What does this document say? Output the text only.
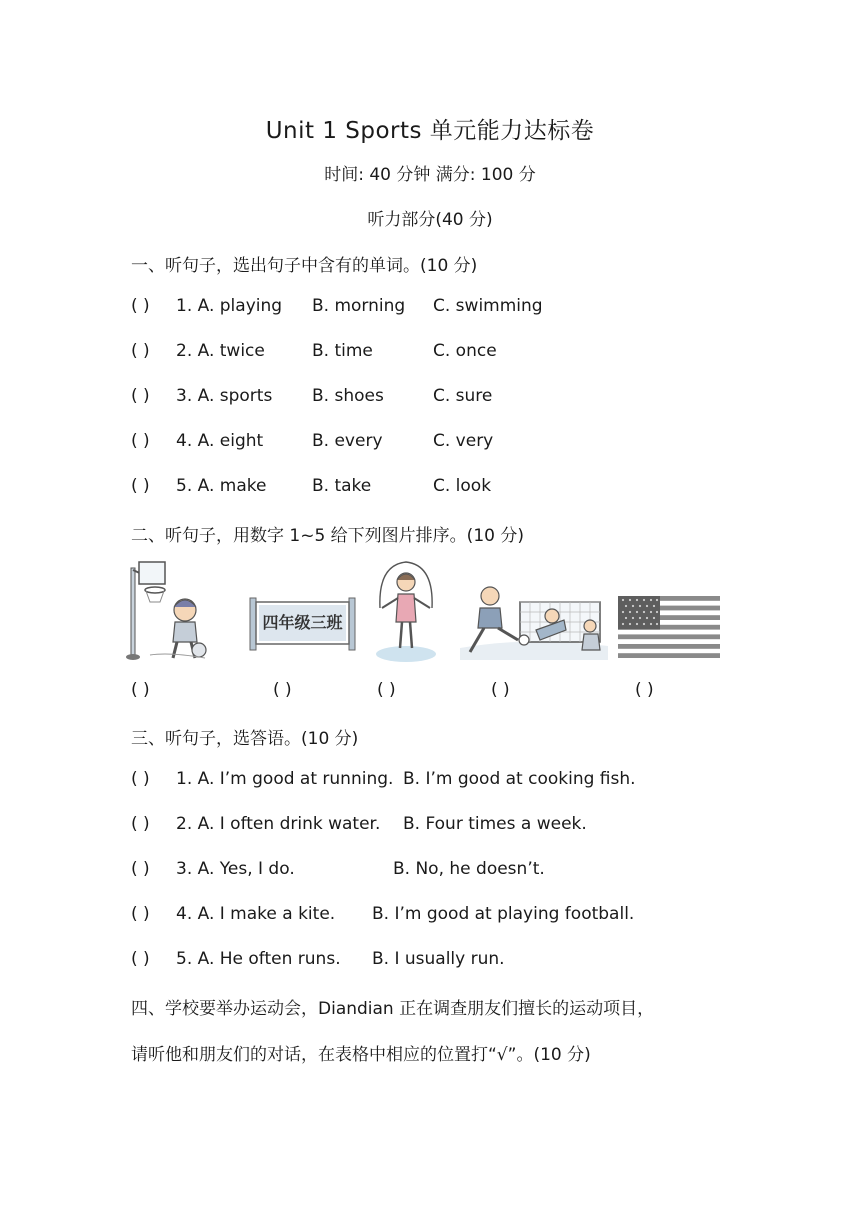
Unit 1 Sports 单元能力达标卷
时间: 40 分钟 满分: 100 分
听力部分(40 分)
一、听句子，选出句子中含有的单词。(10 分)
( ) 1. A. playing B. morning C. swimming
( ) 2. A. twice	B. time	C. once
( ) 3. A. sports B. shoes	C. sure
( ) 4. A. eight	B. every	C. very
( ) 5. A. make	B. take	C. look
二、听句子，用数字 1~5 给下列图片排序。(10 分)
四年级三班
( )	( )	( )	( )	( )
三、听句子，选答语。(10 分)
( ) 1. A. I’m good at running. B. I’m good at cooking fish.
( ) 2. A. I often drink water. B. Four times a week.
( ) 3. A. Yes, I do.	B. No, he doesn’t.
( ) 4. A. I make a kite. B. I’m good at playing football.
( ) 5. A. He often runs. B. I usually run.
四、学校要举办运动会，Diandian 正在调查朋友们擅长的运动项目，
请听他和朋友们的对话，在表格中相应的位置打“√”。(10 分)
